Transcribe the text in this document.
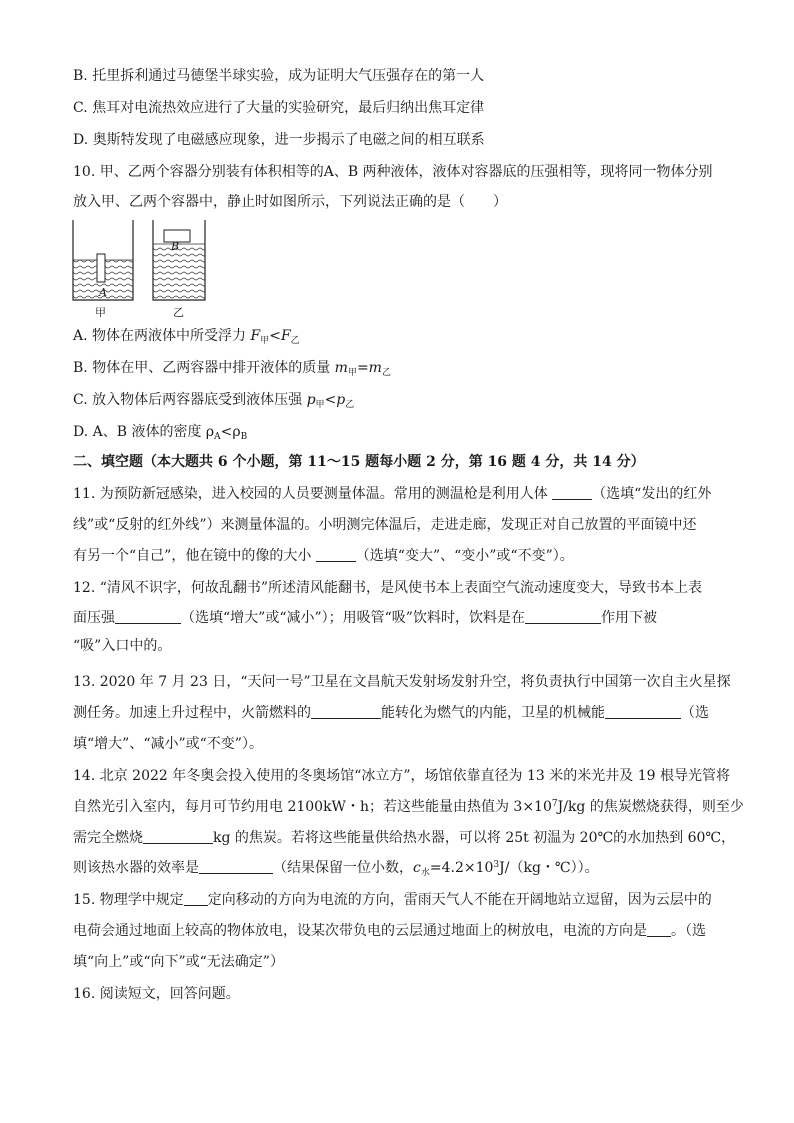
B. 托里拆利通过马德堡半球实验，成为证明大气压强存在的第一人
C. 焦耳对电流热效应进行了大量的实验研究，最后归纳出焦耳定律
D. 奥斯特发现了电磁感应现象，进一步揭示了电磁之间的相互联系
10. 甲、乙两个容器分别装有体积相等的A、B 两种液体，液体对容器底的压强相等，现将同一物体分别
放入甲、乙两个容器中，静止时如图所示，下列说法正确的是（　　）
A
B
甲	乙
A. 物体在两液体中所受浮力 $F_甲<F_乙$
B. 物体在甲、乙两容器中排开液体的质量 $m_甲=m_乙$
C. 放入物体后两容器底受到液体压强 $p_甲<p_乙$
D. A、B 液体的密度 $\rho_A<\rho_B$
二、填空题（本大题共 6 个小题，第 11～15 题每小题 2 分，第 16 题 4 分，共 14 分）
11. 为预防新冠感染，进入校园的人员要测量体温。常用的测温枪是利用人体	（选填“发出的红外
线”或“反射的红外线”）来测量体温的。小明测完体温后，走进走廊，发现正对自己放置的平面镜中还
有另一个“自己”，他在镜中的像的大小	（选填“变大”、“变小”或“不变”）。
12. “清风不识字，何故乱翻书”所述清风能翻书，是风使书本上表面空气流动速度变大，导致书本上表
面压强	（选填“增大”或“减小”）；用吸管“吸”饮料时，饮料是在	作用下被
“吸”入口中的。
13. 2020 年 7 月 23 日，“天问一号”卫星在文昌航天发射场发射升空，将负责执行中国第一次自主火星探
测任务。加速上升过程中，火箭燃料的	能转化为燃气的内能，卫星的机械能	（选
填“增大”、“减小”或“不变”）。
14. 北京 2022 年冬奥会投入使用的冬奥场馆“冰立方”，场馆依靠直径为 13 米的米光井及 19 根导光管将
自然光引入室内，每月可节约用电 2100kW・h；若这些能量由热值为 $3\times 10^7J/kg$ 的焦炭燃烧获得，则至少
需完全燃烧	kg 的焦炭。若将这些能量供给热水器，可以将 25t 初温为 20℃的水加热到 60℃，
则该热水器的效率是	（结果保留一位小数，$c_水=4.2\times 10^3J/(kg$・℃））。
15. 物理学中规定 定向移动的方向为电流的方向，雷雨天气人不能在开阔地站立逗留，因为云层中的
电荷会通过地面上较高的物体放电，设某次带负电的云层通过地面上的树放电，电流的方向是 。（选
填“向上”或“向下”或“无法确定”）
16. 阅读短文，回答问题。
